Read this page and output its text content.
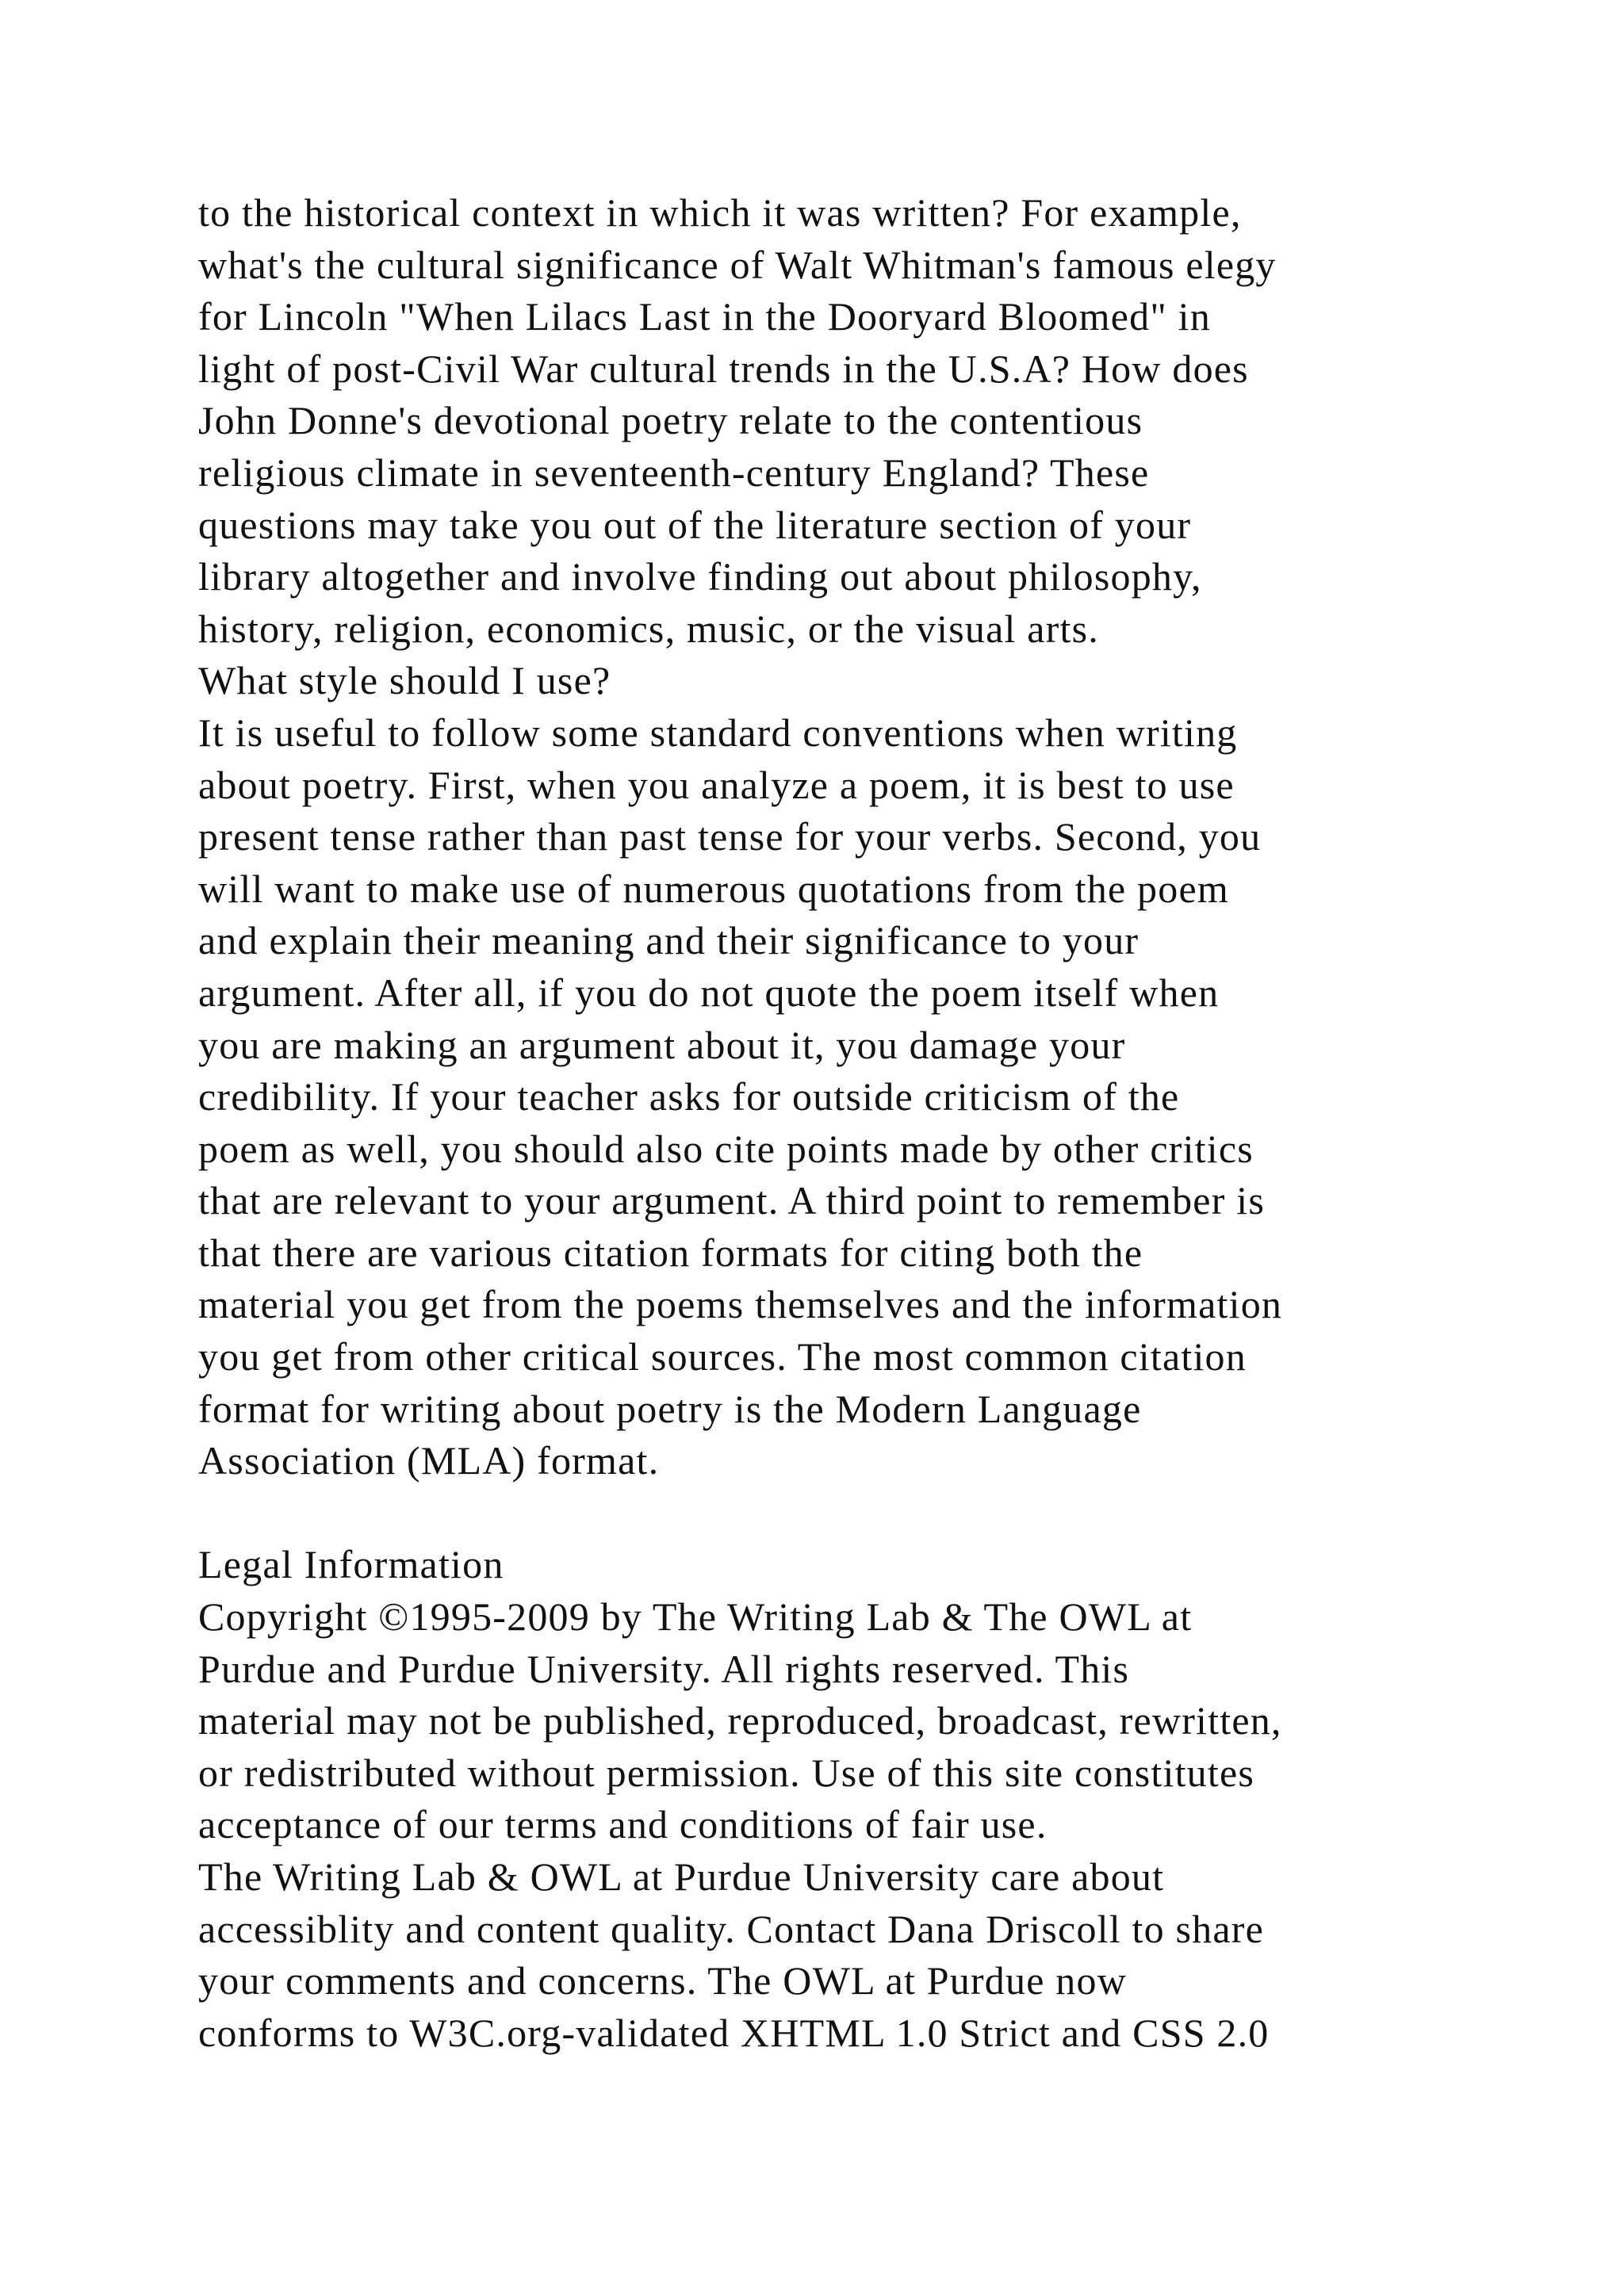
to the historical context in which it was written? For example,
what's the cultural significance of Walt Whitman's famous elegy
for Lincoln "When Lilacs Last in the Dooryard Bloomed" in
light of post-Civil War cultural trends in the U.S.A? How does
John Donne's devotional poetry relate to the contentious
religious climate in seventeenth-century England? These
questions may take you out of the literature section of your
library altogether and involve finding out about philosophy,
history, religion, economics, music, or the visual arts.
What style should I use?
It is useful to follow some standard conventions when writing
about poetry. First, when you analyze a poem, it is best to use
present tense rather than past tense for your verbs. Second, you
will want to make use of numerous quotations from the poem
and explain their meaning and their significance to your
argument. After all, if you do not quote the poem itself when
you are making an argument about it, you damage your
credibility. If your teacher asks for outside criticism of the
poem as well, you should also cite points made by other critics
that are relevant to your argument. A third point to remember is
that there are various citation formats for citing both the
material you get from the poems themselves and the information
you get from other critical sources. The most common citation
format for writing about poetry is the Modern Language
Association (MLA) format.
Legal Information
Copyright ©1995-2009 by The Writing Lab & The OWL at
Purdue and Purdue University. All rights reserved. This
material may not be published, reproduced, broadcast, rewritten,
or redistributed without permission. Use of this site constitutes
acceptance of our terms and conditions of fair use.
The Writing Lab & OWL at Purdue University care about
accessiblity and content quality. Contact Dana Driscoll to share
your comments and concerns. The OWL at Purdue now
conforms to W3C.org-validated XHTML 1.0 Strict and CSS 2.0
